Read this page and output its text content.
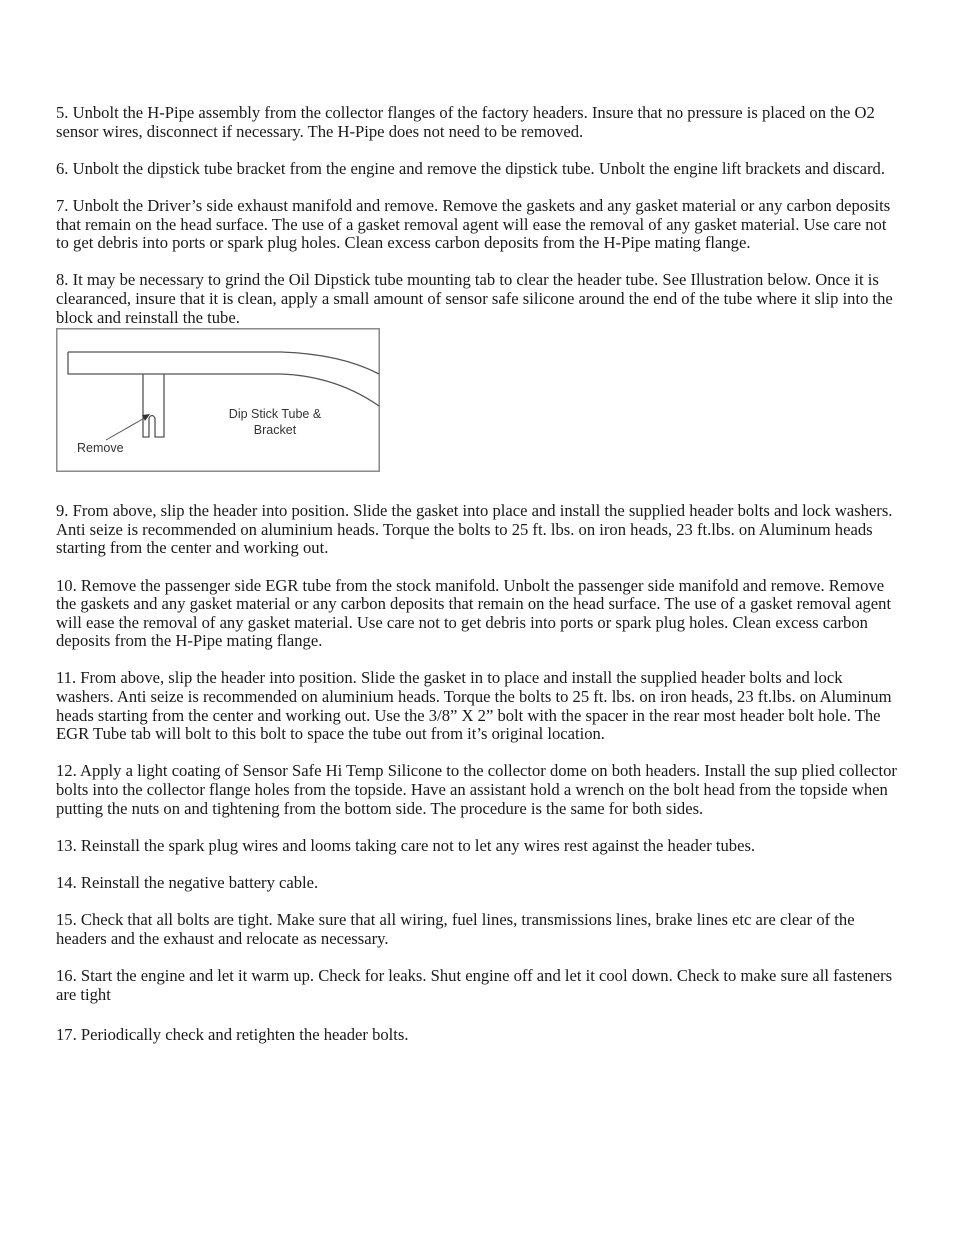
5. Unbolt the H-Pipe assembly from the collector flanges of the factory headers. Insure that no pressure is placed on the O2 sensor wires, disconnect if necessary. The H-Pipe does not need to be removed.

6. Unbolt the dipstick tube bracket from the engine and remove the dipstick tube. Unbolt the engine lift brackets and discard.

7. Unbolt the Driver’s side exhaust manifold and remove. Remove the gaskets and any gasket material or any carbon deposits that remain on the head surface. The use of a gasket removal agent will ease the removal of any gasket material. Use care not to get debris into ports or spark plug holes. Clean excess carbon deposits from the H-Pipe mating flange.

8. It may be necessary to grind the Oil Dipstick tube mounting tab to clear the header tube. See Illustration below. Once it is clearanced, insure that it is clean, apply a small amount of sensor safe silicone around the end of the tube where it slip into the block and reinstall the tube.

Dip Stick Tube &
Bracket
Remove

9. From above, slip the header into position. Slide the gasket into place and install the supplied header bolts and lock washers. Anti seize is recommended on aluminium heads. Torque the bolts to 25 ft. lbs. on iron heads, 23 ft.lbs. on Aluminum heads starting from the center and working out.

10. Remove the passenger side EGR tube from the stock manifold. Unbolt the passenger side manifold and remove. Remove the gaskets and any gasket material or any carbon deposits that remain on the head surface. The use of a gasket removal agent will ease the removal of any gasket material. Use care not to get debris into ports or spark plug holes. Clean excess carbon deposits from the H-Pipe mating flange.

11. From above, slip the header into position. Slide the gasket in to place and install the supplied header bolts and lock washers. Anti seize is recommended on aluminium heads. Torque the bolts to 25 ft. lbs. on iron heads, 23 ft.lbs. on Aluminum heads starting from the center and working out. Use the 3/8” X 2” bolt with the spacer in the rear most header bolt hole. The EGR Tube tab will bolt to this bolt to space the tube out from it’s original location.

12. Apply a light coating of Sensor Safe Hi Temp Silicone to the collector dome on both headers. Install the sup plied collector bolts into the collector flange holes from the topside. Have an assistant hold a wrench on the bolt head from the topside when putting the nuts on and tightening from the bottom side. The procedure is the same for both sides.

13. Reinstall the spark plug wires and looms taking care not to let any wires rest against the header tubes.

14. Reinstall the negative battery cable.

15. Check that all bolts are tight. Make sure that all wiring, fuel lines, transmissions lines, brake lines etc are clear of the headers and the exhaust and relocate as necessary.

16. Start the engine and let it warm up. Check for leaks. Shut engine off and let it cool down. Check to make sure all fasteners are tight

17. Periodically check and retighten the header bolts.
